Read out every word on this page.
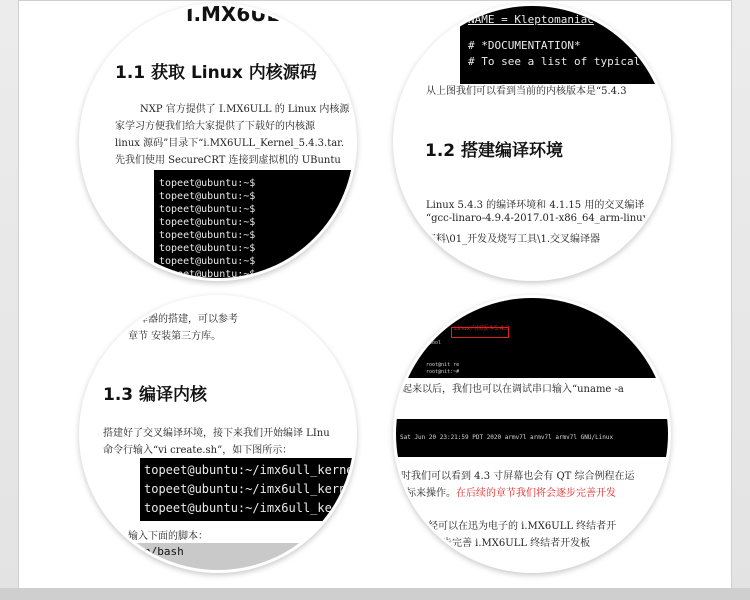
I.MX6UL
1.1 获取 Linux 内核源码
NXP 官方提供了 I.MX6ULL 的 Linux 内核源
家学习方便我们给大家提供了下载好的内核源
linux 源码”目录下“i.MX6ULL_Kernel_5.4.3.tar.
先我们使用 SecureCRT 连接到虚拟机的 UBuntu
topeet@ubuntu:~$
topeet@ubuntu:~$
topeet@ubuntu:~$
topeet@ubuntu:~$
topeet@ubuntu:~$
topeet@ubuntu:~$
topeet@ubuntu:~$
topeet@ubuntu:~$
NAME = Kleptomaniac
# *DOCUMENTATION*
# To see a list of typical
从上图我们可以看到当前的内核版本是“5.4.3
1.2 搭建编译环境
Linux 5.4.3 的编译环境和 4.1.15 用的交叉编译
“gcc-linaro-4.9.4-2017.01-x86_64_arm-linux
资料\01_开发及烧写工具\1.交叉编译器
编译器的搭建，可以参考
章节 安装第三方库。
1.3 编译内核
搭建好了交叉编译环境，接下来我们开始编译 LInu
命令行输入“vi create.sh”，如下图所示：
topeet@ubuntu:~/imx6ull_kerne
topeet@ubuntu:~/imx6ull_kern
topeet@ubuntu:~/imx6ull_ke
输入下面的脚本：
n/bash
Linux内核版本5.4.3
-pool
root@nit re
root@nit:~#
起来以后，我们也可以在调试串口输入“uname -a
Sat Jun 20 23:21:59 PDT 2020 armv7l armv7l armv7l GNU/Linux
时我们可以看到 4.3 寸屏幕也会有 QT 综合例程在运
标来操作。在后续的章节我们将会逐步完善开发
已经可以在迅为电子的 i.MX6ULL 终结者开
逐步完善 i.MX6ULL 终结者开发板
